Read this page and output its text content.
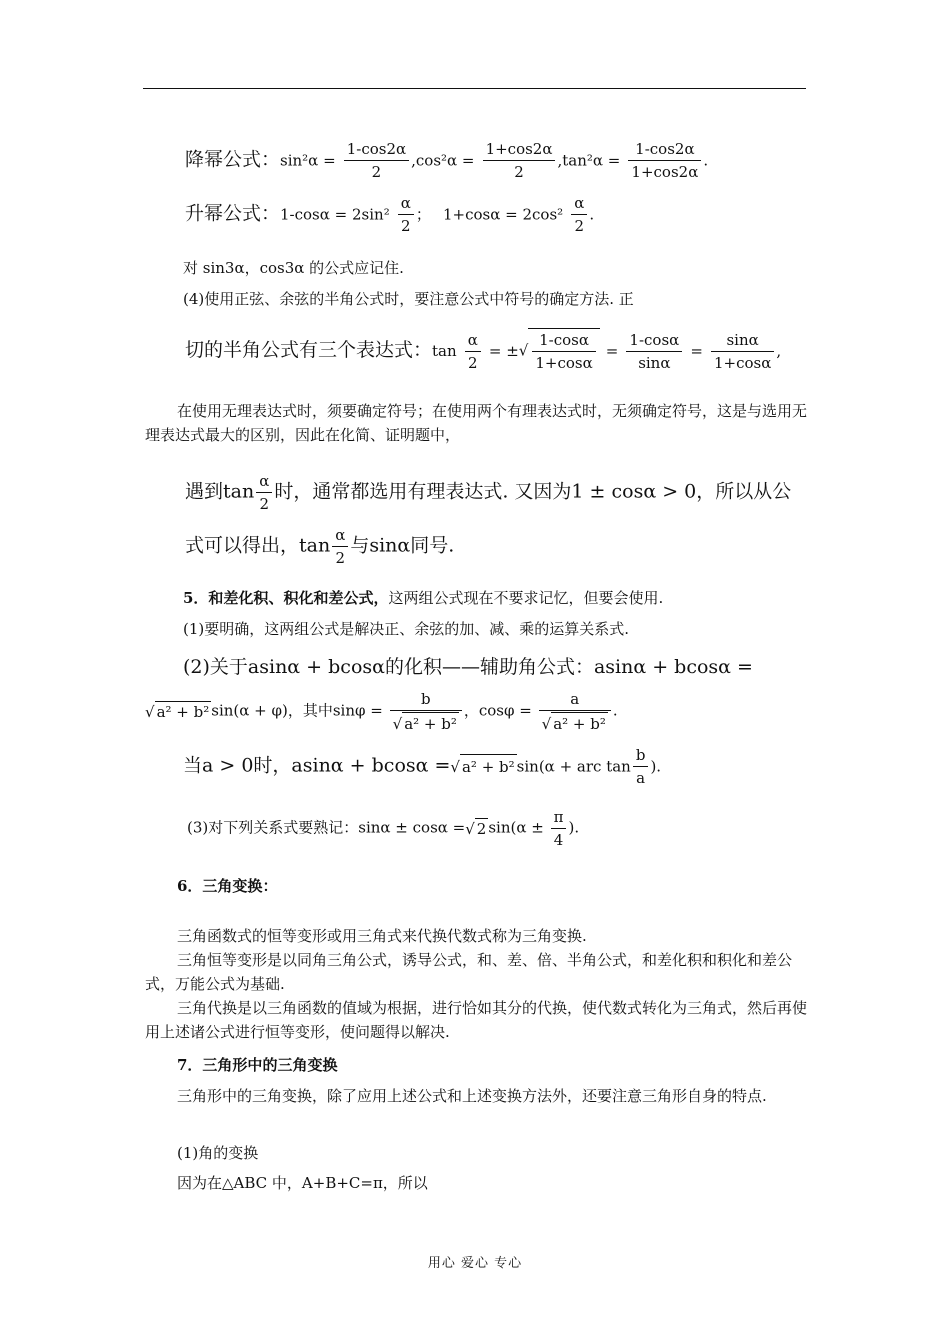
降幂公式：$\sin^2\alpha = \frac{1-\cos 2\alpha}{2} ,\cos^2\alpha = \frac{1+\cos 2\alpha}{2} ,\tan^2\alpha = \frac{1-\cos 2\alpha}{1+\cos 2\alpha}$ .
升幂公式：$1-\cos\alpha = 2\sin^2 \frac{\alpha}{2}$ ； $1+\cos\alpha = 2\cos^2 \frac{\alpha}{2}$ .
对 sin3α，cos3α 的公式应记住.
(4)使用正弦、余弦的半角公式时，要注意公式中符号的确定方法. 正
切的半角公式有三个表达式：$\tan \frac{\alpha}{2}$ = ±√ $\frac{1-\cos\alpha}{1+\cos\alpha} = \frac{1-\cos\alpha}{\sin\alpha} = \frac{\sin\alpha}{1+\cos\alpha}$ ,
在使用无理表达式时，须要确定符号；在使用两个有理表达式时，无须确定符号，这是与选用无理表达式最大的区别，因此在化简、证明题中，
遇到$\tan \frac{\alpha}{2}$ 时，通常都选用有理表达式. 又因为1 ± cosα > 0，所以从公
式可以得出，$\tan \frac{\alpha}{2}$ 与sinα同号.
5．和差化积、积化和差公式，这两组公式现在不要求记忆，但要会使用.
(1)要明确，这两组公式是解决正、余弦的加、减、乘的运算关系式.
(2)关于asinα + bcosα的化积——辅助角公式：asinα + bcosα =
√ a² + b² sin(α + φ)，其中$\sin\varphi = \frac{b}{\text{√ a² + b²}}$ ，$\cos\varphi = \frac{a}{\text{√ a² + b²}}$ .
当a > 0时，asinα + bcosα =√ a² + b² sin(α + arc $\tan \frac{b}{a}$ ).
(3)对下列关系式要熟记：sinα ± cosα =√ 2 $\sin(\alpha \pm \frac{\pi}{4}$ ).
6．三角变换：
三角函数式的恒等变形或用三角式来代换代数式称为三角变换.
三角恒等变形是以同角三角公式，诱导公式，和、差、倍、半角公式，和差化积和积化和差公式，万能公式为基础.
三角代换是以三角函数的值域为根据，进行恰如其分的代换，使代数式转化为三角式，然后再使用上述诸公式进行恒等变形，使问题得以解决.
7．三角形中的三角变换
三角形中的三角变换，除了应用上述公式和上述变换方法外，还要注意三角形自身的特点.
(1)角的变换
因为在△ABC 中，A+B+C=π，所以
用心 爱心 专心
